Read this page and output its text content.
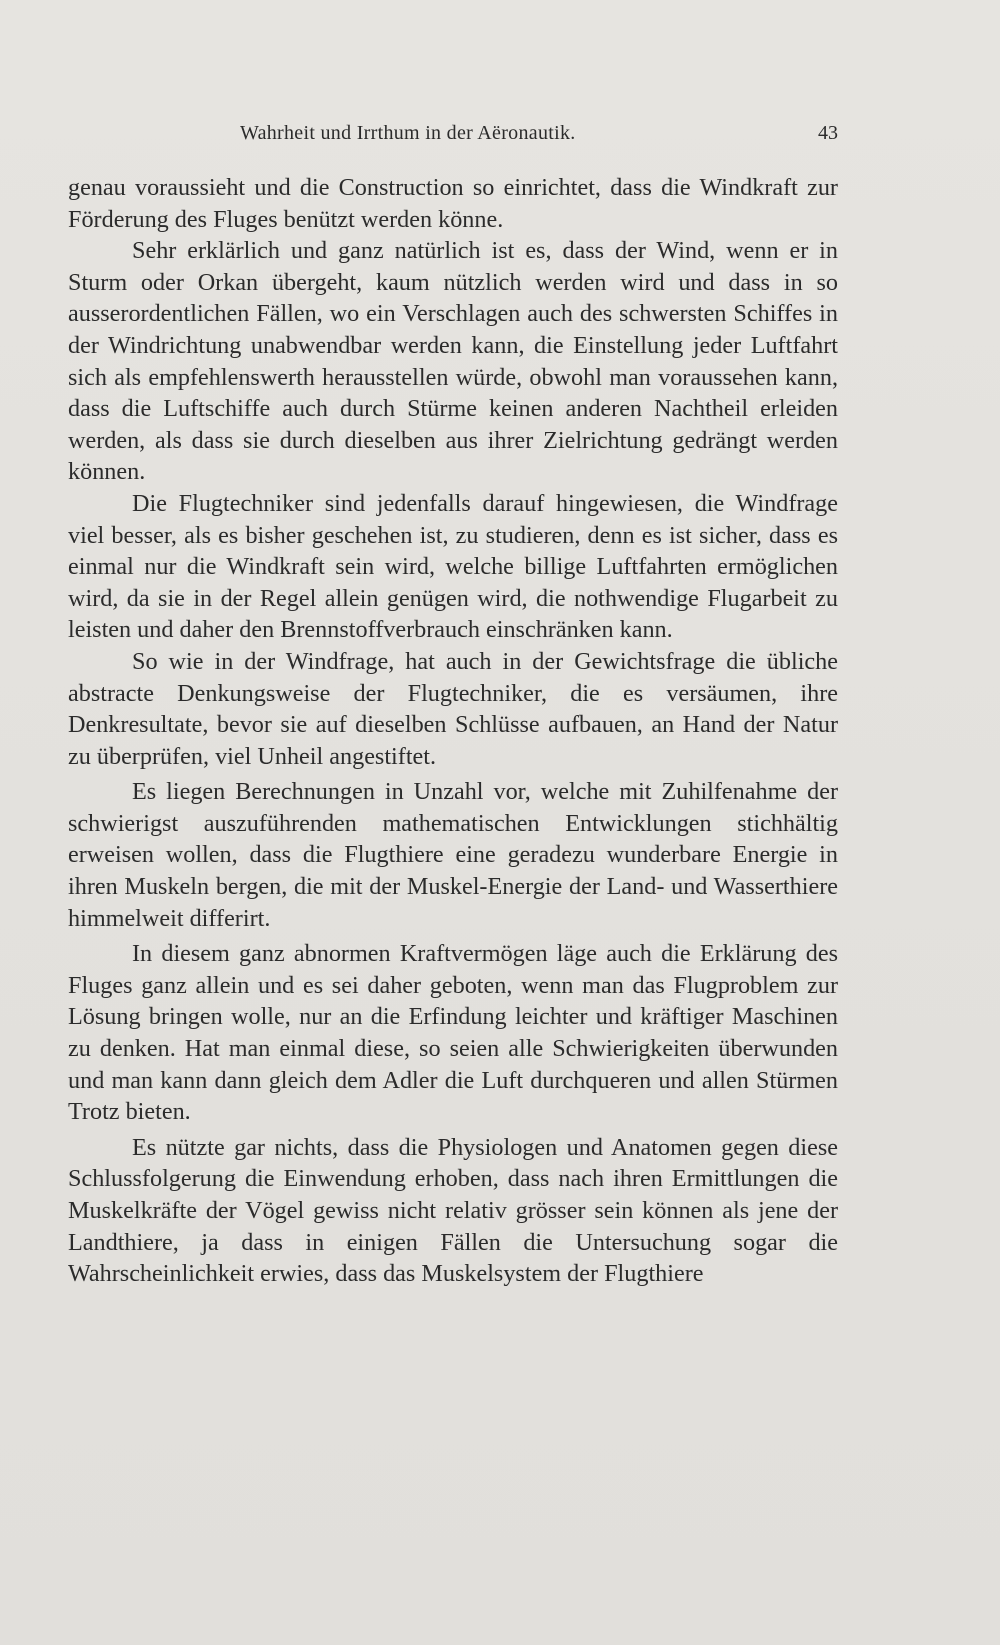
Wahrheit und Irrthum in der Aëronautik.	43

genau voraussieht und die Construction so einrichtet, dass die Windkraft zur Förderung des Fluges benützt werden könne.

Sehr erklärlich und ganz natürlich ist es, dass der Wind, wenn er in Sturm oder Orkan übergeht, kaum nützlich werden wird und dass in so ausserordentlichen Fällen, wo ein Verschlagen auch des schwersten Schiffes in der Windrichtung unabwendbar werden kann, die Einstellung jeder Luftfahrt sich als empfehlenswerth herausstellen würde, obwohl man voraussehen kann, dass die Luftschiffe auch durch Stürme keinen anderen Nachtheil erleiden werden, als dass sie durch dieselben aus ihrer Zielrichtung gedrängt werden können.

Die Flugtechniker sind jedenfalls darauf hingewiesen, die Windfrage viel besser, als es bisher geschehen ist, zu studieren, denn es ist sicher, dass es einmal nur die Windkraft sein wird, welche billige Luftfahrten ermöglichen wird, da sie in der Regel allein genügen wird, die nothwendige Flugarbeit zu leisten und daher den Brennstoffverbrauch einschränken kann.

So wie in der Windfrage, hat auch in der Gewichtsfrage die übliche abstracte Denkungsweise der Flugtechniker, die es versäumen, ihre Denkresultate, bevor sie auf dieselben Schlüsse aufbauen, an Hand der Natur zu überprüfen, viel Unheil angestiftet.

Es liegen Berechnungen in Unzahl vor, welche mit Zuhilfenahme der schwierigst auszuführenden mathematischen Entwicklungen stichhältig erweisen wollen, dass die Flugthiere eine geradezu wunderbare Energie in ihren Muskeln bergen, die mit der Muskel-Energie der Land- und Wasserthiere himmelweit differirt.

In diesem ganz abnormen Kraftvermögen läge auch die Erklärung des Fluges ganz allein und es sei daher geboten, wenn man das Flugproblem zur Lösung bringen wolle, nur an die Erfindung leichter und kräftiger Maschinen zu denken. Hat man einmal diese, so seien alle Schwierigkeiten überwunden und man kann dann gleich dem Adler die Luft durchqueren und allen Stürmen Trotz bieten.

Es nützte gar nichts, dass die Physiologen und Anatomen gegen diese Schlussfolgerung die Einwendung erhoben, dass nach ihren Ermittlungen die Muskelkräfte der Vögel gewiss nicht relativ grösser sein können als jene der Landthiere, ja dass in einigen Fällen die Untersuchung sogar die Wahrscheinlichkeit erwies, dass das Muskelsystem der Flugthiere
